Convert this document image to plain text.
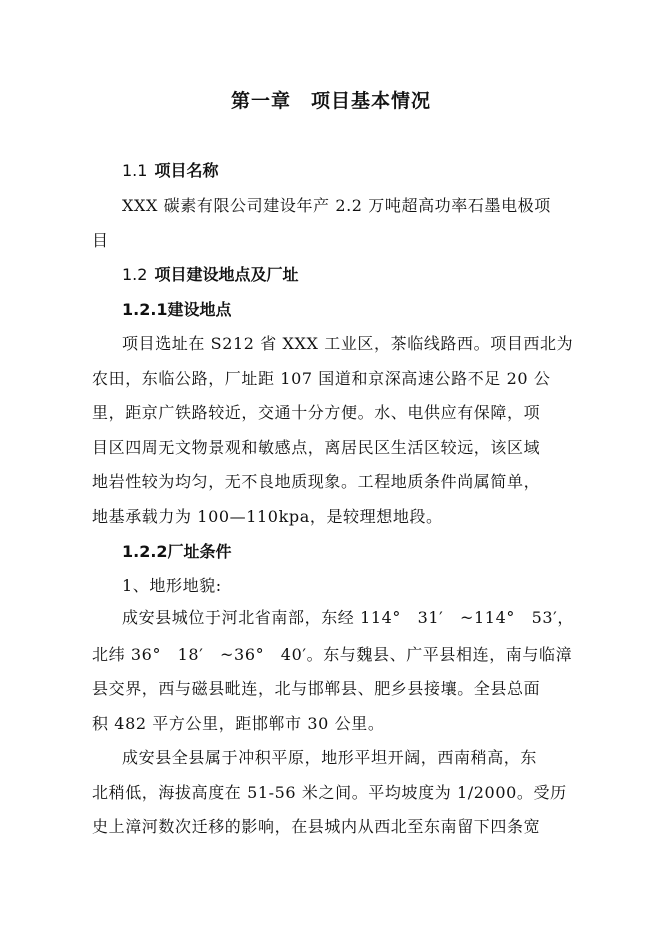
第一章　项目基本情况
1.1 项目名称
XXX 碳素有限公司建设年产 2.2 万吨超高功率石墨电极项
目
1.2 项目建设地点及厂址
1.2.1建设地点
项目选址在 S212 省 XXX 工业区，茶临线路西。项目西北为
农田，东临公路，厂址距 107 国道和京深高速公路不足 20 公
里，距京广铁路较近，交通十分方便。水、电供应有保障，项
目区四周无文物景观和敏感点，离居民区生活区较远，该区域
地岩性较为均匀，无不良地质现象。工程地质条件尚属简单，
地基承载力为 100—110kpa，是较理想地段。
1.2.2厂址条件
1、地形地貌:
成安县城位于河北省南部，东经 114°　31′　~114°　53′，
北纬 36°　18′　~36°　40′。东与魏县、广平县相连，南与临漳
县交界，西与磁县毗连，北与邯郸县、肥乡县接壤。全县总面
积 482 平方公里，距邯郸市 30 公里。
成安县全县属于冲积平原，地形平坦开阔，西南稍高，东
北稍低，海拔高度在 51-56 米之间。平均坡度为 1/2000。受历
史上漳河数次迁移的影响，在县城内从西北至东南留下四条宽
